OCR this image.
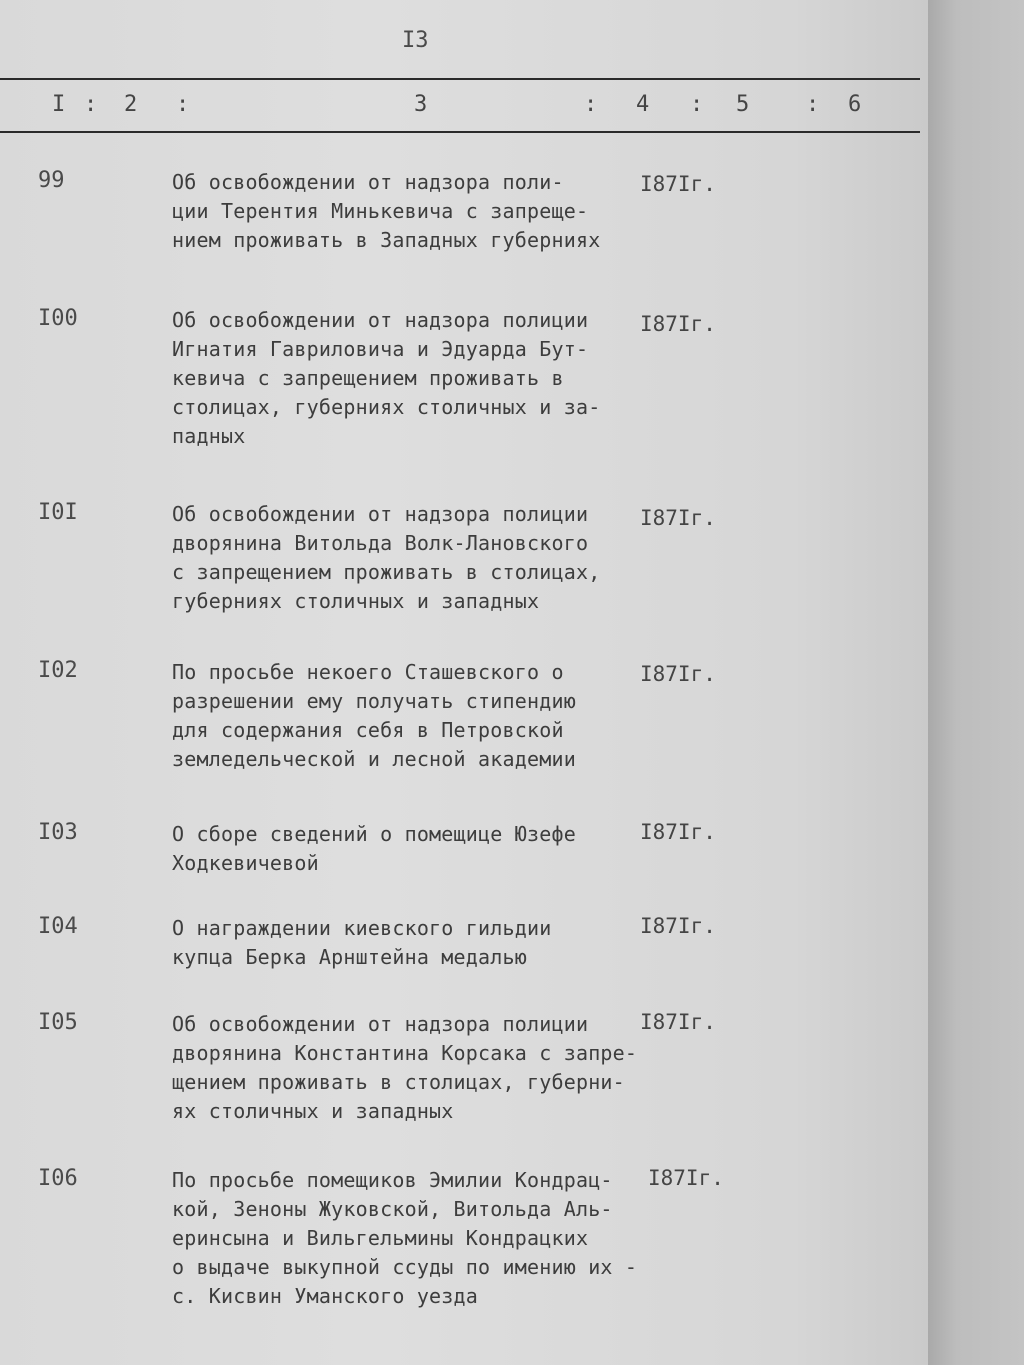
I3
I : 2 :	3	: 4 : 5	: 6
99	Об освобождении от надзора поли-
ции Терентия Минькевича с запреще-
нием проживать в Западных губерниях
I87Iг.
I00	Об освобождении от надзора полиции
Игнатия Гавриловича и Эдуарда Бут-
кевича с запрещением проживать в
столицах, губерниях столичных и за-
падных
I87Iг.
I0I	Об освобождении от надзора полиции
дворянина Витольда Волк-Лановского
с запрещением проживать в столицах,
губерниях столичных и западных
I87Iг.
I02	По просьбе некоего Сташевского о
разрешении ему получать стипендию
для содержания себя в Петровской
земледельческой и лесной академии
I87Iг.
I03	О сборе сведений о помещице Юзефе
Ходкевичевой
I87Iг.
I04	О награждении киевского гильдии
купца Берка Арнштейна медалью
I87Iг.
I05	Об освобождении от надзора полиции
дворянина Константина Корсака с запре-
щением проживать в столицах, губерни-
ях столичных и западных
I87Iг.
I06	По просьбе помещиков Эмилии Кондрац-
кой, Зеноны Жуковской, Витольда Аль-
еринсына и Вильгельмины Кондрацких
о выдаче выкупной ссуды по имению их -
с. Кисвин Уманского уезда
I87Iг.
